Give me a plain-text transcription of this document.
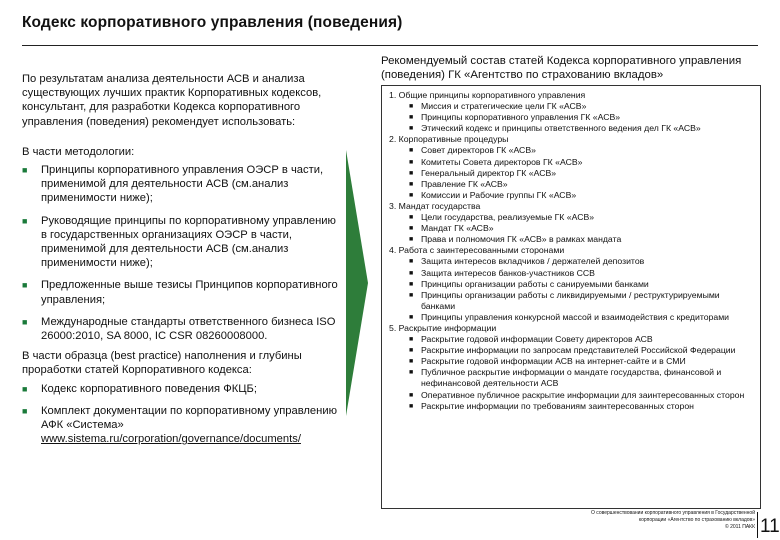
Кодекс корпоративного управления (поведения)

По результатам анализа деятельности АСВ и анализа существующих лучших практик Корпоративных кодексов, консультант, для разработки Кодекса корпоративного управления (поведения) рекомендует использовать:

В части методологии:

■ Принципы корпоративного управления ОЭСР в части, применимой для деятельности АСВ (см.анализ применимости ниже);
■ Руководящие принципы по корпоративному управлению в государственных организациях ОЭСР в части, применимой для деятельности АСВ (см.анализ применимости ниже);
■ Предложенные выше тезисы Принципов корпоративного управления;
■ Международные стандарты ответственного бизнеса ISO 26000:2010, SA 8000, IC CSR 08260008000.

В части образца (best practice) наполнения и глубины проработки статей Корпоративного кодекса:

■ Кодекс корпоративного поведения ФКЦБ;
■ Комплект документации по корпоративному управлению АФК «Система»
www.sistema.ru/corporation/governance/documents/
Рекомендуемый состав статей Кодекса корпоративного управления (поведения) ГК «Агентство по страхованию вкладов»

1. Общие принципы корпоративного управления

■ Миссия и стратегические цели ГК «АСВ»
■ Принципы корпоративного управления ГК «АСВ»
■ Этический кодекс и принципы ответственного ведения дел ГК «АСВ»

2. Корпоративные процедуры

■ Совет директоров ГК «АСВ»
■ Комитеты Совета директоров ГК «АСВ»
■ Генеральный директор ГК «АСВ»
■ Правление ГК «АСВ»
■ Комиссии и Рабочие группы ГК «АСВ»

3. Мандат государства

■ Цели государства, реализуемые ГК «АСВ»
■ Мандат ГК «АСВ»
■ Права и полномочия ГК «АСВ» в рамках мандата

4. Работа с заинтересованными сторонами

■ Защита интересов вкладчиков / держателей депозитов
■ Защита интересов банков-участников ССВ
■ Принципы организации работы с санируемыми банками
■ Принципы организации работы с ликвидируемыми / реструктурируемыми банками
■ Принципы управления конкурсной массой и взаимодействия с кредиторами

5. Раскрытие информации

■ Раскрытие годовой информации Совету директоров АСВ
■ Раскрытие информации по запросам представителей Российской Федерации
■ Раскрытие годовой информации АСВ на интернет-сайте и в СМИ
■ Публичное раскрытие информации о мандате государства, финансовой и нефинансовой деятельности АСВ
■ Оперативное публичное раскрытие информации для заинтересованных сторон
■ Раскрытие информации по требованиям заинтересованных сторон
О совершенствовании корпоративного управления в Государственной
корпорации «Агентство по страхованию вкладов»
© 2011 ПАКК 11
